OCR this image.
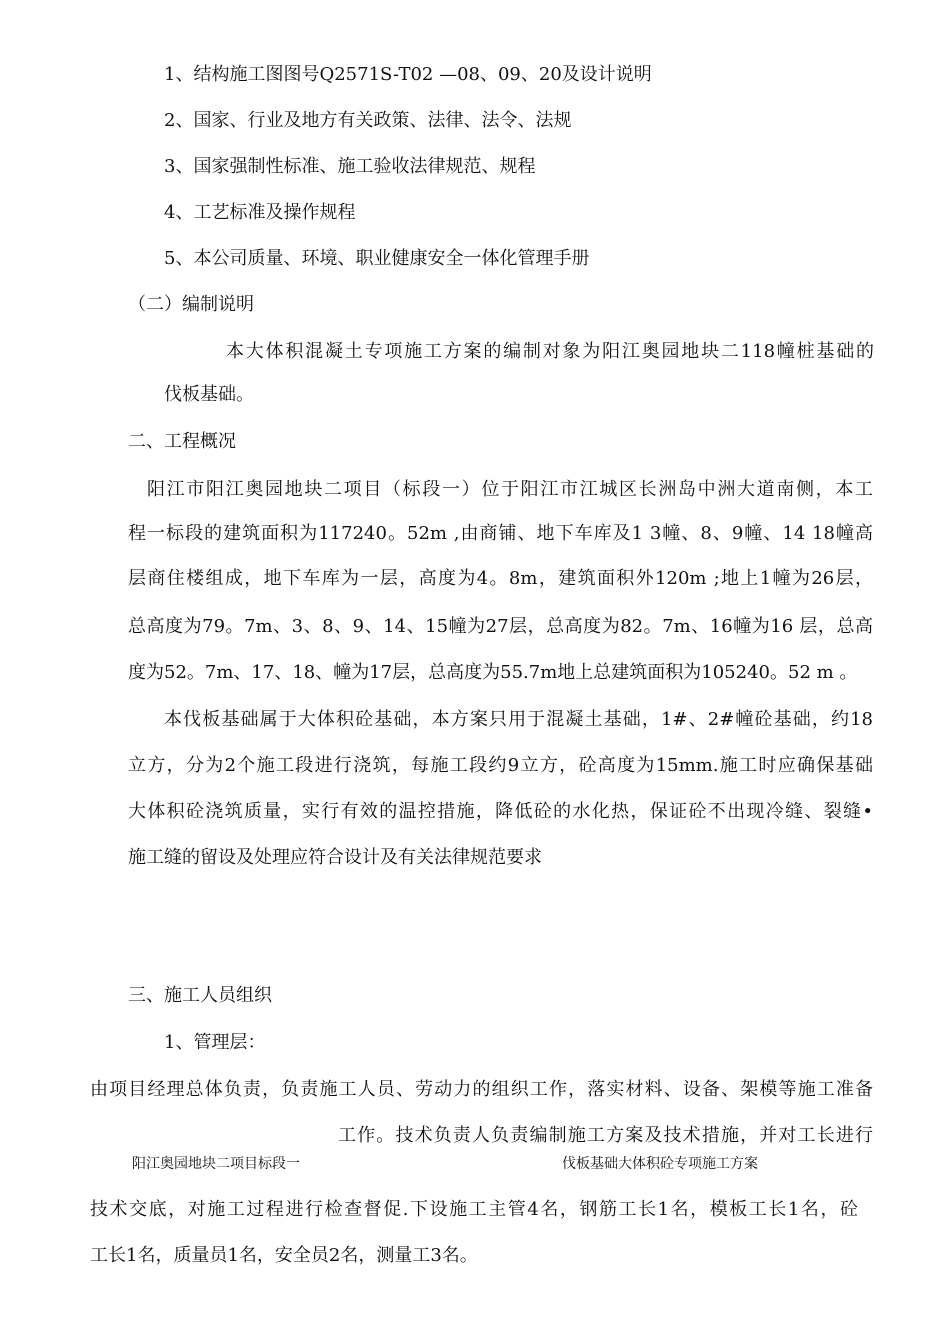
1、结构施工图图号Q2571S-T02 —08、09、20及设计说明
2、国家、行业及地方有关政策、法律、法令、法规
3、国家强制性标准、施工验收法律规范、规程
4、工艺标准及操作规程
5、本公司质量、环境、职业健康安全一体化管理手册
（二）编制说明
本大体积混凝土专项施工方案的编制对象为阳江奥园地块二118幢桩基础的
伐板基础。
二、工程概况
阳江市阳江奥园地块二项目（标段一）位于阳江市江城区长洲岛中洲大道南侧，本工
程一标段的建筑面积为117240。52m ,由商铺、地下车库及1 3幢、8、9幢、14 18幢高
层商住楼组成，地下车库为一层，高度为4。8m，建筑面积外120m ;地上1幢为26层，
总高度为79。7m、3、8、9、14、15幢为27层，总高度为82。7m、16幢为16 层，总高
度为52。7m、17、18、幢为17层，总高度为55.7m地上总建筑面积为105240。52 m 。
本伐板基础属于大体积砼基础，本方案只用于混凝土基础，1#、2#幢砼基础，约18
立方，分为2个施工段进行浇筑，每施工段约9立方，砼高度为15mm.施工时应确保基础
大体积砼浇筑质量，实行有效的温控措施，降低砼的水化热，保证砼不出现冷缝、裂缝•
施工缝的留设及处理应符合设计及有关法律规范要求
三、施工人员组织
1、管理层：
由项目经理总体负责，负责施工人员、劳动力的组织工作，落实材料、设备、架模等施工准备
工作。技术负责人负责编制施工方案及技术措施，并对工长进行
阳江奥园地块二项目标段一	伐板基础大体积砼专项施工方案
技术交底，对施工过程进行检查督促.下设施工主管4名，钢筋工长1名，模板工长1名，砼
工长1名，质量员1名，安全员2名，测量工3名。
